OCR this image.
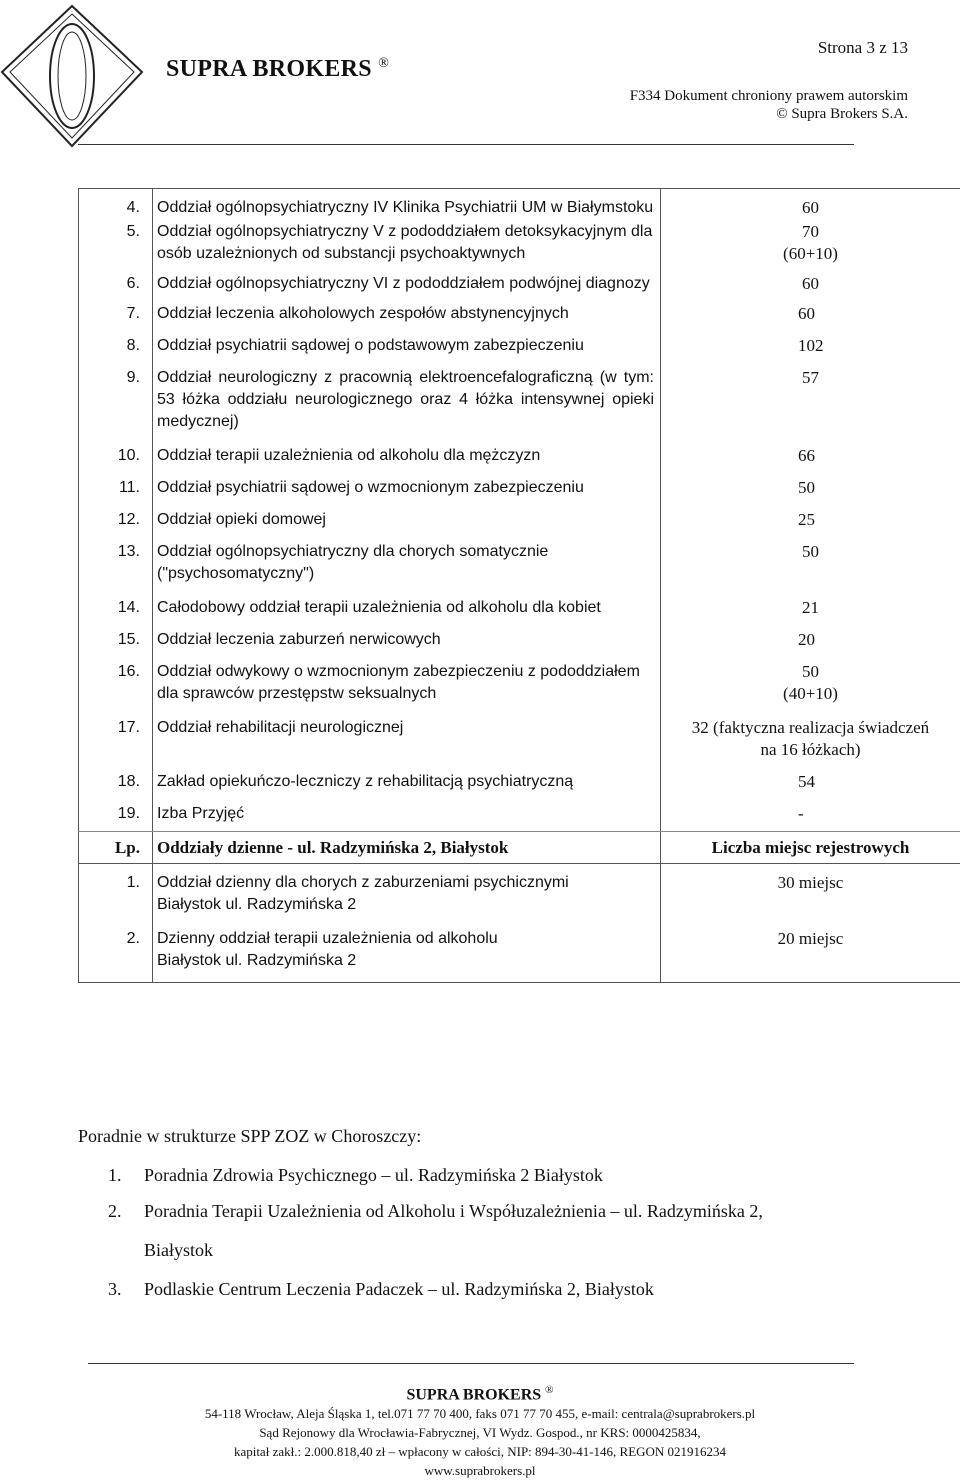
SUPRA BROKERS ®
Strona 3 z 13
F334 Dokument chroniony prawem autorskim
© Supra Brokers S.A.
4.	Oddział ogólnopsychiatryczny IV Klinika Psychiatrii UM w Białymstoku	60

5.	Oddział ogólnopsychiatryczny V z pododdziałem detoksykacyjnym dla osób uzależnionych od substancji psychoaktywnych	70
(60+10)

6.	Oddział ogólnopsychiatryczny VI z pododdziałem podwójnej diagnozy	60

7.	Oddział leczenia alkoholowych zespołów abstynencyjnych	60
8.	Oddział psychiatrii sądowej o podstawowym zabezpieczeniu	102
9.	Oddział neurologiczny z pracownią elektroencefalograficzną (w tym: 53 łóżka oddziału neurologicznego oraz 4 łóżka intensywnej opieki medycznej)	57
10.	Oddział terapii uzależnienia od alkoholu dla mężczyzn	66
11.	Oddział psychiatrii sądowej o wzmocnionym zabezpieczeniu	50
12.	Oddział opieki domowej	25
13.	Oddział ogólnopsychiatryczny dla chorych somatycznie ("psychosomatyczny")	50
14.	Całodobowy oddział terapii uzależnienia od alkoholu dla kobiet	21
15.	Oddział leczenia zaburzeń nerwicowych	20
16.	Oddział odwykowy o wzmocnionym zabezpieczeniu z pododdziałem dla sprawców przestępstw seksualnych	50
(40+10)

17.	Oddział rehabilitacji neurologicznej	32 (faktyczna realizacja świadczeń
na 16 łóżkach)

18.	Zakład opiekuńczo-leczniczy z rehabilitacją psychiatryczną	54
19.	Izba Przyjęć	-
Lp.	Oddziały dzienne - ul. Radzymińska 2, Białystok	Liczba miejsc rejestrowych
1.	Oddział dzienny dla chorych z zaburzeniami psychicznymi
Białystok ul. Radzymińska 2	30 miejsc
2.	Dzienny oddział terapii uzależnienia od alkoholu
Białystok ul. Radzymińska 2	20 miejsc
Poradnie w strukturze SPP ZOZ w Choroszczy:
1. Poradnia Zdrowia Psychicznego – ul. Radzymińska 2 Białystok
2. Poradnia Terapii Uzależnienia od Alkoholu i Współuzależnienia – ul. Radzymińska 2,
Białystok
3. Podlaskie Centrum Leczenia Padaczek – ul. Radzymińska 2, Białystok
SUPRA BROKERS ®
54-118 Wrocław, Aleja Śląska 1, tel.071 77 70 400, faks 071 77 70 455, e-mail: centrala@suprabrokers.pl
Sąd Rejonowy dla Wrocławia-Fabrycznej, VI Wydz. Gospod., nr KRS: 0000425834,
kapitał zakł.: 2.000.818,40 zł – wpłacony w całości, NIP: 894-30-41-146, REGON 021916234
www.suprabrokers.pl
